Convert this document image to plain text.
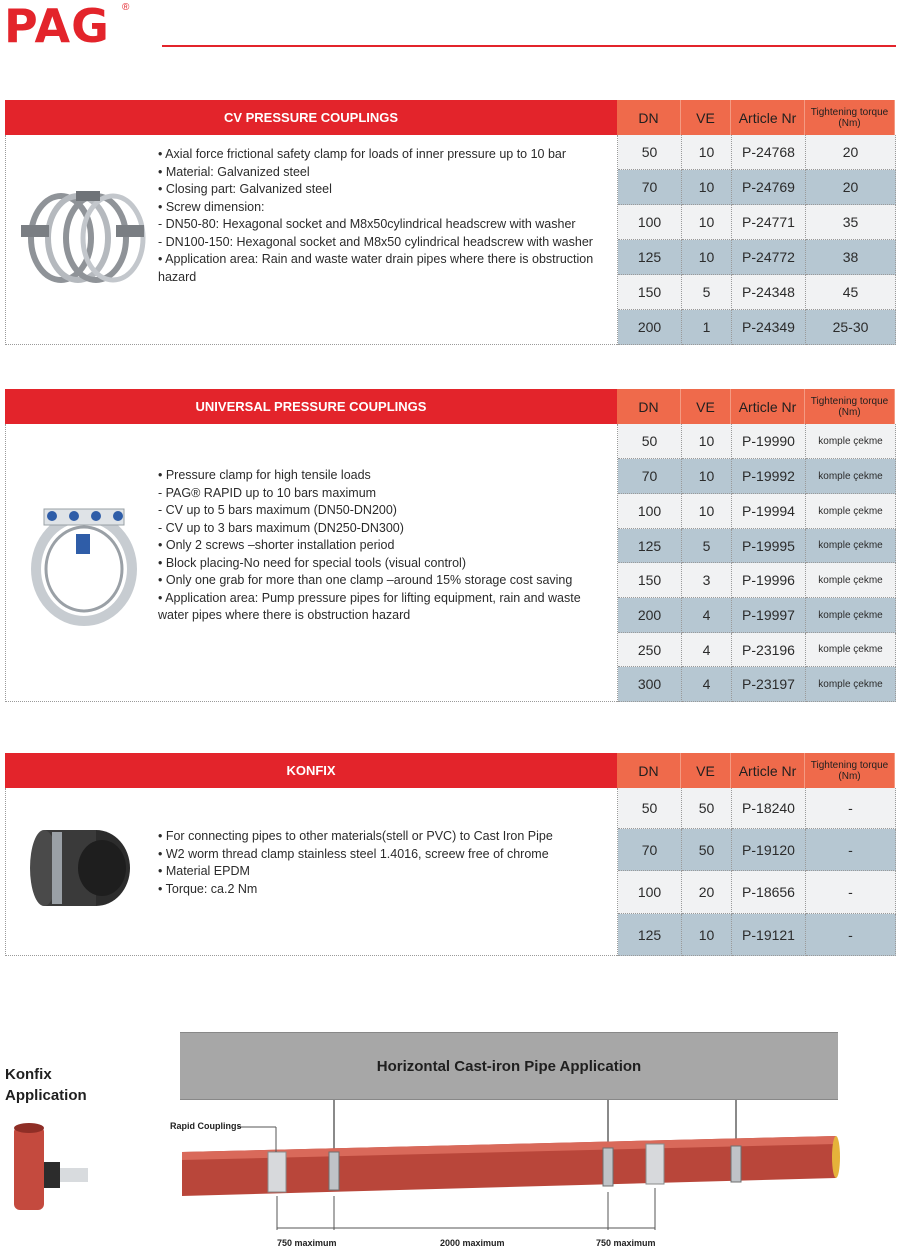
PAG ®
CV PRESSURE COUPLINGS	DN	VE	Article Nr	Tightening torque (Nm)
• Axial force frictional safety clamp for loads of inner pressure up to 10 bar
• Material: Galvanized steel
• Closing part: Galvanized steel
• Screw dimension:
- DN50-80: Hexagonal socket and M8x50cylindrical headscrew with washer
- DN100-150: Hexagonal socket and M8x50 cylindrical headscrew with washer
• Application area: Rain and waste water drain pipes where there is obstruction hazard
50	10	P-24768	20
70	10	P-24769	20
100	10	P-24771	35
125	10	P-24772	38
150	5	P-24348	45
200	1	P-24349	25-30
UNIVERSAL PRESSURE COUPLINGS	DN	VE	Article Nr	Tightening torque (Nm)
• Pressure clamp for high tensile loads
- PAG® RAPID up to 10 bars maximum
- CV up to 5 bars maximum (DN50-DN200)
- CV up to 3 bars maximum (DN250-DN300)
• Only 2 screws –shorter installation period
• Block placing-No need for special tools (visual control)
• Only one grab for more than one clamp –around 15% storage cost saving
• Application area: Pump pressure pipes for lifting equipment, rain and waste water pipes where there is obstruction hazard
50	10	P-19990	komple çekme
70	10	P-19992	komple çekme
100	10	P-19994	komple çekme
125	5	P-19995	komple çekme
150	3	P-19996	komple çekme
200	4	P-19997	komple çekme
250	4	P-23196	komple çekme
300	4	P-23197	komple çekme
KONFIX	DN	VE	Article Nr	Tightening torque (Nm)
• For connecting pipes to other materials(stell or PVC) to Cast Iron Pipe
• W2 worm thread clamp stainless steel 1.4016, screew free of chrome
• Material EPDM
• Torque: ca.2 Nm
50	50	P-18240	-
70	50	P-19120	-
100	20	P-18656	-
125	10	P-19121	-
Konfix
Application
Horizontal Cast-iron Pipe Application
Rapid Couplings
750 maximum	2000 maximum	750 maximum
